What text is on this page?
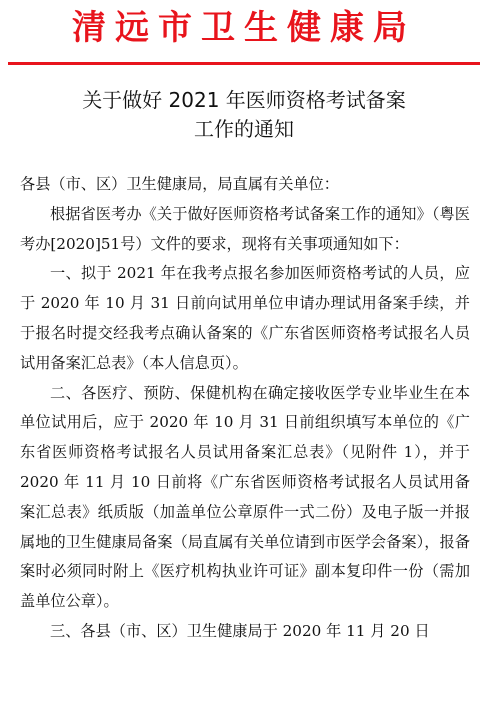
清远市卫生健康局
关于做好 2021 年医师资格考试备案
工作的通知

各县（市、区）卫生健康局，局直属有关单位：

根据省医考办《关于做好医师资格考试备案工作的通知》（粤医考办[2020]51号）文件的要求，现将有关事项通知如下：

一、拟于 2021 年在我考点报名参加医师资格考试的人员，应于 2020 年 10 月 31 日前向试用单位申请办理试用备案手续，并于报名时提交经我考点确认备案的《广东省医师资格考试报名人员试用备案汇总表》（本人信息页）。

二、各医疗、预防、保健机构在确定接收医学专业毕业生在本单位试用后，应于 2020 年 10 月 31 日前组织填写本单位的《广东省医师资格考试报名人员试用备案汇总表》（见附件 1），并于 2020 年 11 月 10 日前将《广东省医师资格考试报名人员试用备案汇总表》纸质版（加盖单位公章原件一式二份）及电子版一并报属地的卫生健康局备案（局直属有关单位请到市医学会备案），报备案时必须同时附上《医疗机构执业许可证》副本复印件一份（需加盖单位公章）。

三、各县（市、区）卫生健康局于 2020 年 11 月 20 日
